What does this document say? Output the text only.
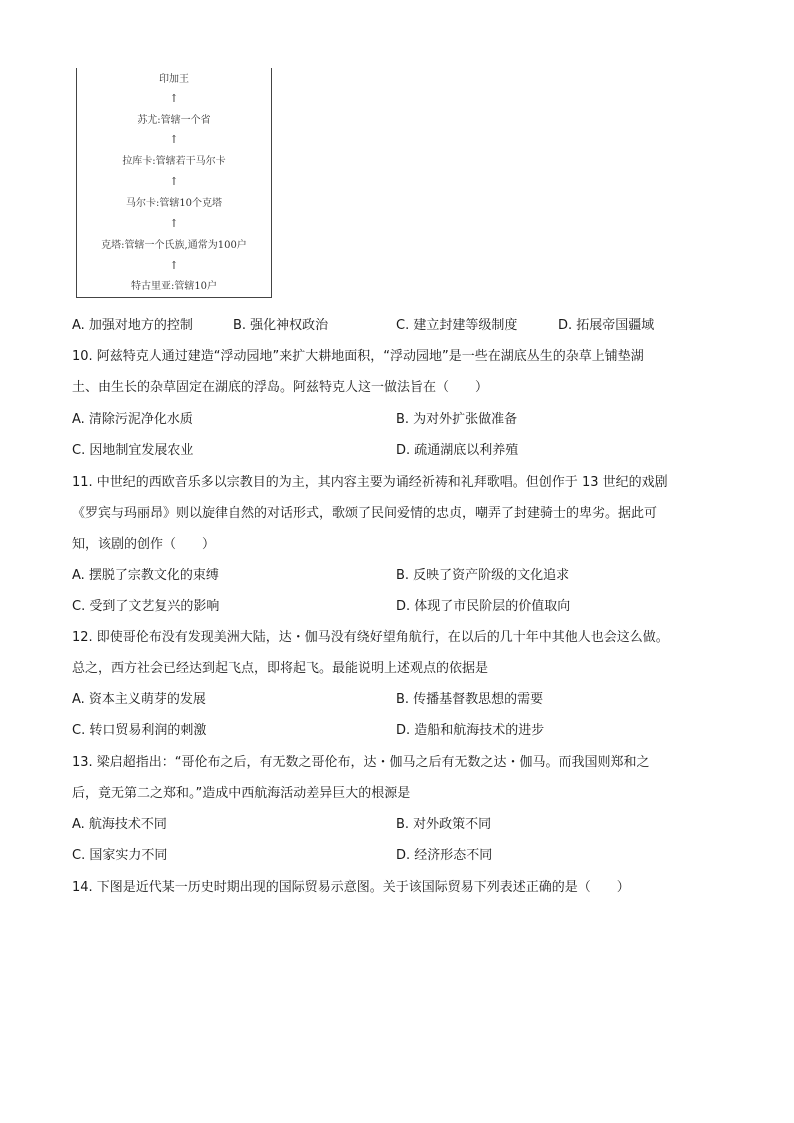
印加王
↑
苏尤:管辖一个省
↑
拉库卡:管辖若干马尔卡
↑
马尔卡:管辖10个克塔
↑
克塔:管辖一个氏族,通常为100户
↑
特古里亚:管辖10户
A. 加强对地方的控制	B. 强化神权政治	C. 建立封建等级制度	D. 拓展帝国疆域
10. 阿兹特克人通过建造“浮动园地”来扩大耕地面积，“浮动园地”是一些在湖底丛生的杂草上铺垫湖
土、由生长的杂草固定在湖底的浮岛。阿兹特克人这一做法旨在（　　）
A. 清除污泥净化水质	B. 为对外扩张做准备
C. 因地制宜发展农业	D. 疏通湖底以利养殖
11. 中世纪的西欧音乐多以宗教目的为主，其内容主要为诵经祈祷和礼拜歌唱。但创作于 13 世纪的戏剧
《罗宾与玛丽昂》则以旋律自然的对话形式，歌颂了民间爱情的忠贞，嘲弄了封建骑士的卑劣。据此可
知，该剧的创作（　　）
A. 摆脱了宗教文化的束缚	B. 反映了资产阶级的文化追求
C. 受到了文艺复兴的影响	D. 体现了市民阶层的价值取向
12. 即使哥伦布没有发现美洲大陆，达・伽马没有绕好望角航行，在以后的几十年中其他人也会这么做。
总之，西方社会已经达到起飞点，即将起飞。最能说明上述观点的依据是
A. 资本主义萌芽的发展	B. 传播基督教思想的需要
C. 转口贸易利润的刺激	D. 造船和航海技术的进步
13. 梁启超指出：“哥伦布之后，有无数之哥伦布，达・伽马之后有无数之达・伽马。而我国则郑和之
后，竟无第二之郑和。”造成中西航海活动差异巨大的根源是
A. 航海技术不同	B. 对外政策不同
C. 国家实力不同	D. 经济形态不同
14. 下图是近代某一历史时期出现的国际贸易示意图。关于该国际贸易下列表述正确的是（　　）
